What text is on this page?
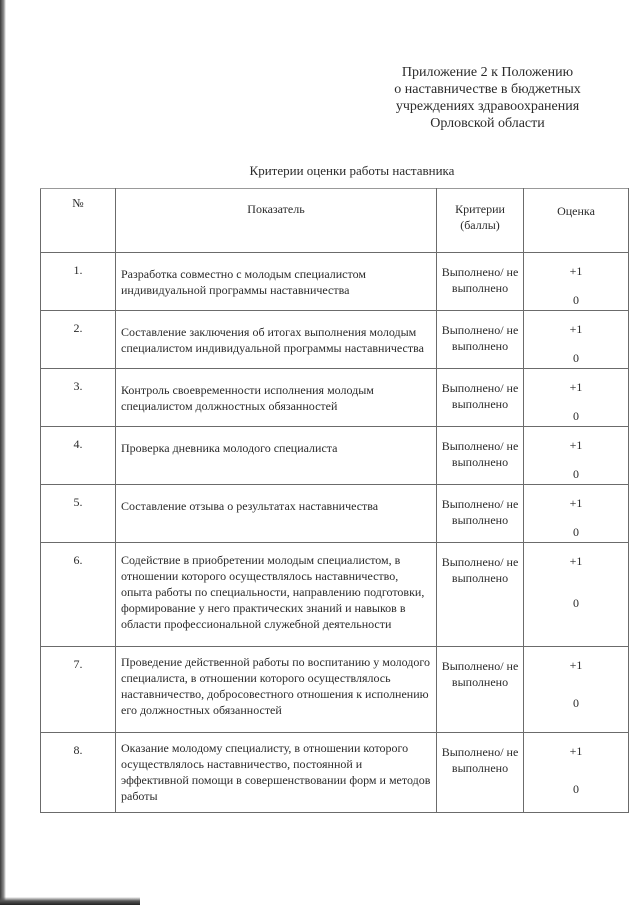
Приложение 2 к Положению
о наставничестве в бюджетных
учреждениях здравоохранения
Орловской области
Критерии оценки работы наставника
№	Показатель	Критерии (баллы)	Оценка

1.	Разработка совместно с молодым специалистом индивидуальной программы наставничества	Выполнено/ не выполнено	+1
0

2.	Составление заключения об итогах выполнения молодым специалистом индивидуальной программы наставничества	Выполнено/ не выполнено	+1
0

3.	Контроль своевременности исполнения молодым специалистом должностных обязанностей	Выполнено/ не выполнено	+1
0

4.	Проверка дневника молодого специалиста	Выполнено/ не выполнено	+1
0

5.	Составление отзыва о результатах наставничества	Выполнено/ не выполнено	+1
0

6.	Содействие в приобретении молодым специалистом, в отношении которого осуществлялось наставничество, опыта работы по специальности, направлению подготовки, формирование у него практических знаний и навыков в области профессиональной служебной деятельности	Выполнено/ не выполнено	+1
0

7.	Проведение действенной работы по воспитанию у молодого специалиста, в отношении которого осуществлялось наставничество, добросовестного отношения к исполнению его должностных обязанностей	Выполнено/ не выполнено	+1
0

8.	Оказание молодому специалисту, в отношении которого осуществлялось наставничество, постоянной и эффективной помощи в совершенствовании форм и методов работы	Выполнено/ не выполнено	+1
0
